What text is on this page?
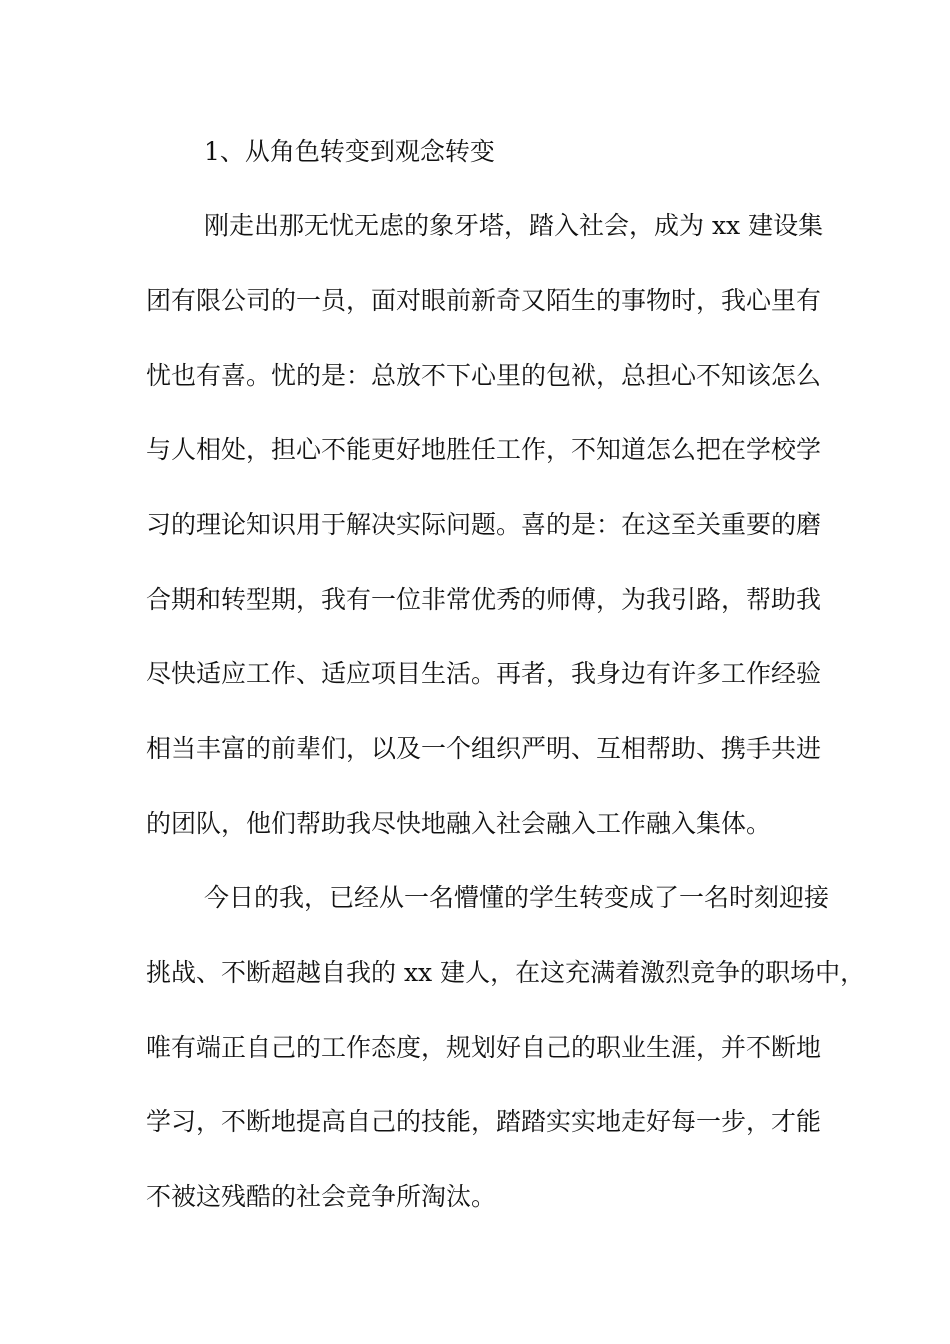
1、从角色转变到观念转变
刚走出那无忧无虑的象牙塔，踏入社会，成为 xx 建设集
团有限公司的一员，面对眼前新奇又陌生的事物时，我心里有
忧也有喜。忧的是：总放不下心里的包袱，总担心不知该怎么
与人相处，担心不能更好地胜任工作，不知道怎么把在学校学
习的理论知识用于解决实际问题。喜的是：在这至关重要的磨
合期和转型期，我有一位非常优秀的师傅，为我引路，帮助我
尽快适应工作、适应项目生活。再者，我身边有许多工作经验
相当丰富的前辈们，以及一个组织严明、互相帮助、携手共进
的团队，他们帮助我尽快地融入社会融入工作融入集体。
今日的我，已经从一名懵懂的学生转变成了一名时刻迎接
挑战、不断超越自我的 xx 建人，在这充满着激烈竞争的职场中，
唯有端正自己的工作态度，规划好自己的职业生涯，并不断地
学习，不断地提高自己的技能，踏踏实实地走好每一步，才能
不被这残酷的社会竞争所淘汰。
